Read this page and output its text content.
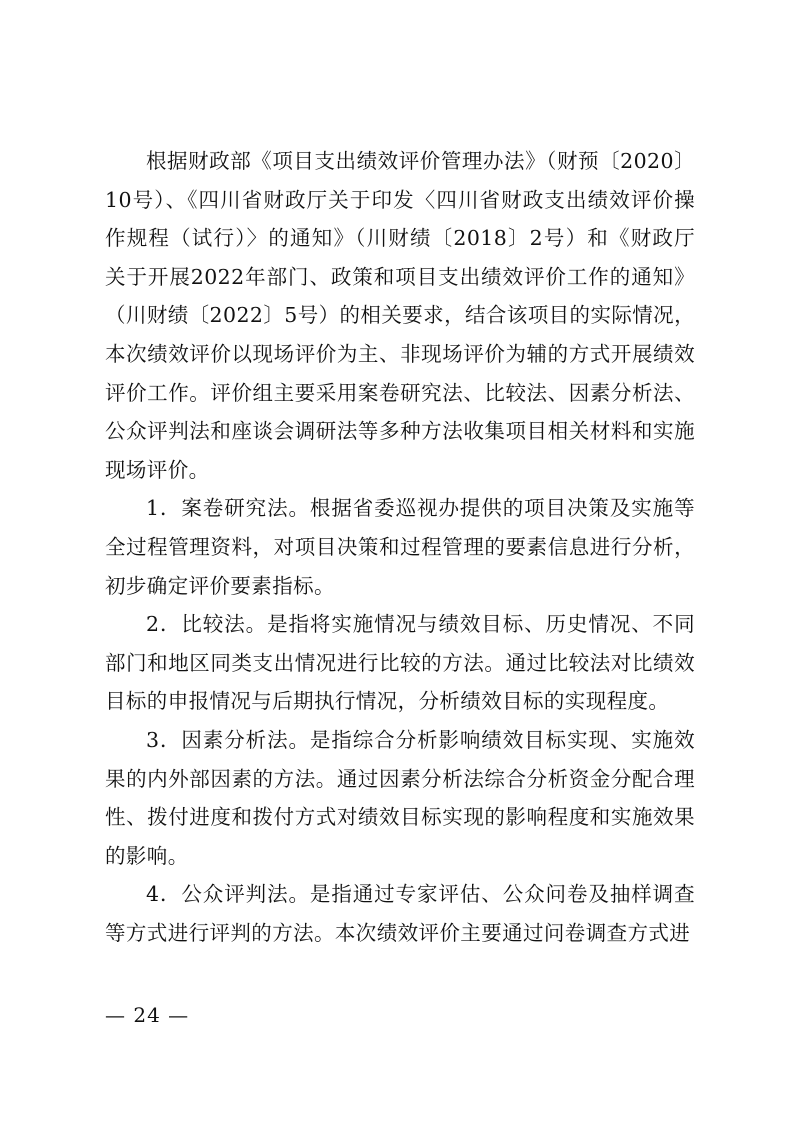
根据财政部《项目支出绩效评价管理办法》（财预〔2020〕10号）、《四川省财政厅关于印发〈四川省财政支出绩效评价操作规程（试行）〉的通知》（川财绩〔2018〕2号）和《财政厅关于开展2022年部门、政策和项目支出绩效评价工作的通知》（川财绩〔2022〕5号）的相关要求，结合该项目的实际情况，本次绩效评价以现场评价为主、非现场评价为辅的方式开展绩效评价工作。评价组主要采用案卷研究法、比较法、因素分析法、公众评判法和座谈会调研法等多种方法收集项目相关材料和实施现场评价。

1．案卷研究法。根据省委巡视办提供的项目决策及实施等全过程管理资料，对项目决策和过程管理的要素信息进行分析，初步确定评价要素指标。

2．比较法。是指将实施情况与绩效目标、历史情况、不同部门和地区同类支出情况进行比较的方法。通过比较法对比绩效目标的申报情况与后期执行情况，分析绩效目标的实现程度。

3．因素分析法。是指综合分析影响绩效目标实现、实施效果的内外部因素的方法。通过因素分析法综合分析资金分配合理性、拨付进度和拨付方式对绩效目标实现的影响程度和实施效果的影响。

4．公众评判法。是指通过专家评估、公众问卷及抽样调查等方式进行评判的方法。本次绩效评价主要通过问卷调查方式进

— 24 —
